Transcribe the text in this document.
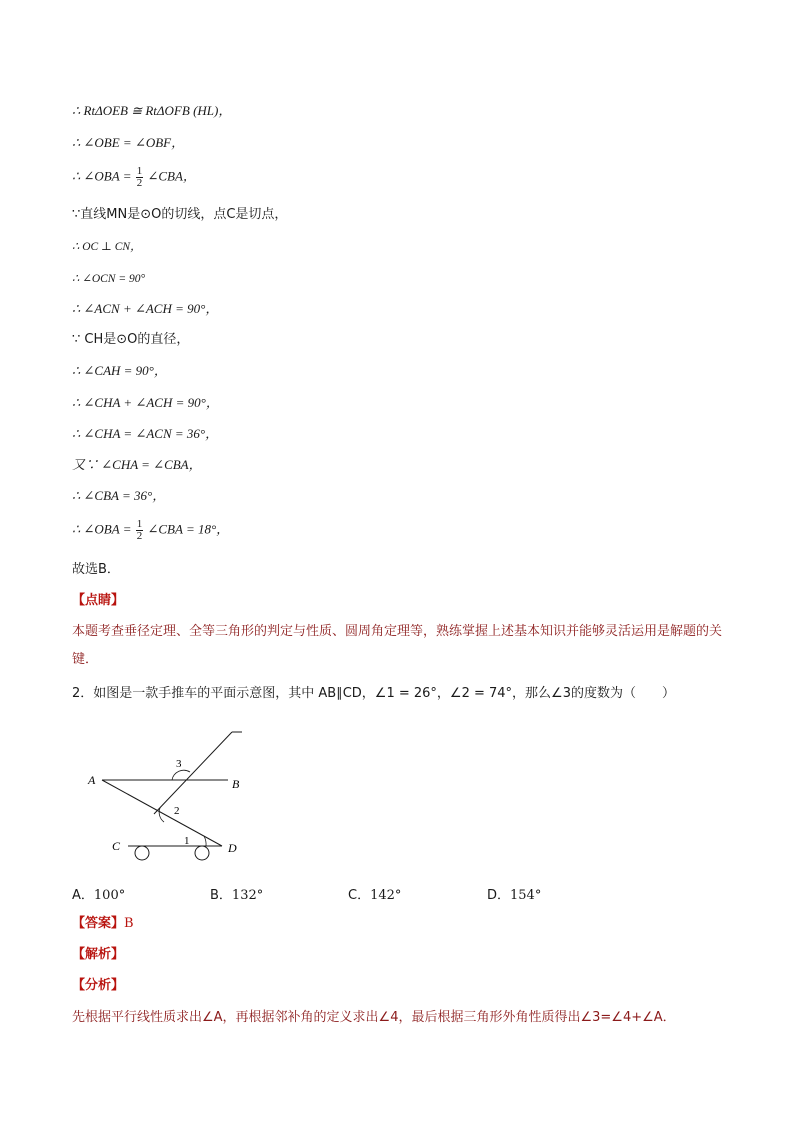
∴ RtΔOEB ≅ RtΔOFB (HL)，
∴ ∠OBE = ∠OBF，
∴ ∠OBA = $\frac{1}{2}$ ∠CBA，
∵直线MN是⊙O的切线，点C是切点，
∴ OC ⊥ CN，
∴ ∠OCN = 90°
∴ ∠ACN + ∠ACH = 90°，
∵ CH是⊙O的直径，
∴ ∠CAH = 90°，
∴ ∠CHA + ∠ACH = 90°，
∴ ∠CHA = ∠ACN = 36°，
又∵ ∠CHA = ∠CBA，
∴ ∠CBA = 36°，
∴ ∠OBA = $\frac{1}{2}$ ∠CBA = 18°，
故选B．
【点睛】
本题考查垂径定理、全等三角形的判定与性质、圆周角定理等，熟练掌握上述基本知识并能够灵活运用是解题的关键．
2．如图是一款手推车的平面示意图，其中 AB∥CD，∠1 = 26°，∠2 = 74°，那么∠3的度数为（　　）
A	B
C	D
1
2
3
A．100°	B．132°	C．142°	D．154°
【答案】B
【解析】
【分析】
先根据平行线性质求出∠A，再根据邻补角的定义求出∠4，最后根据三角形外角性质得出∠3=∠4+∠A．
